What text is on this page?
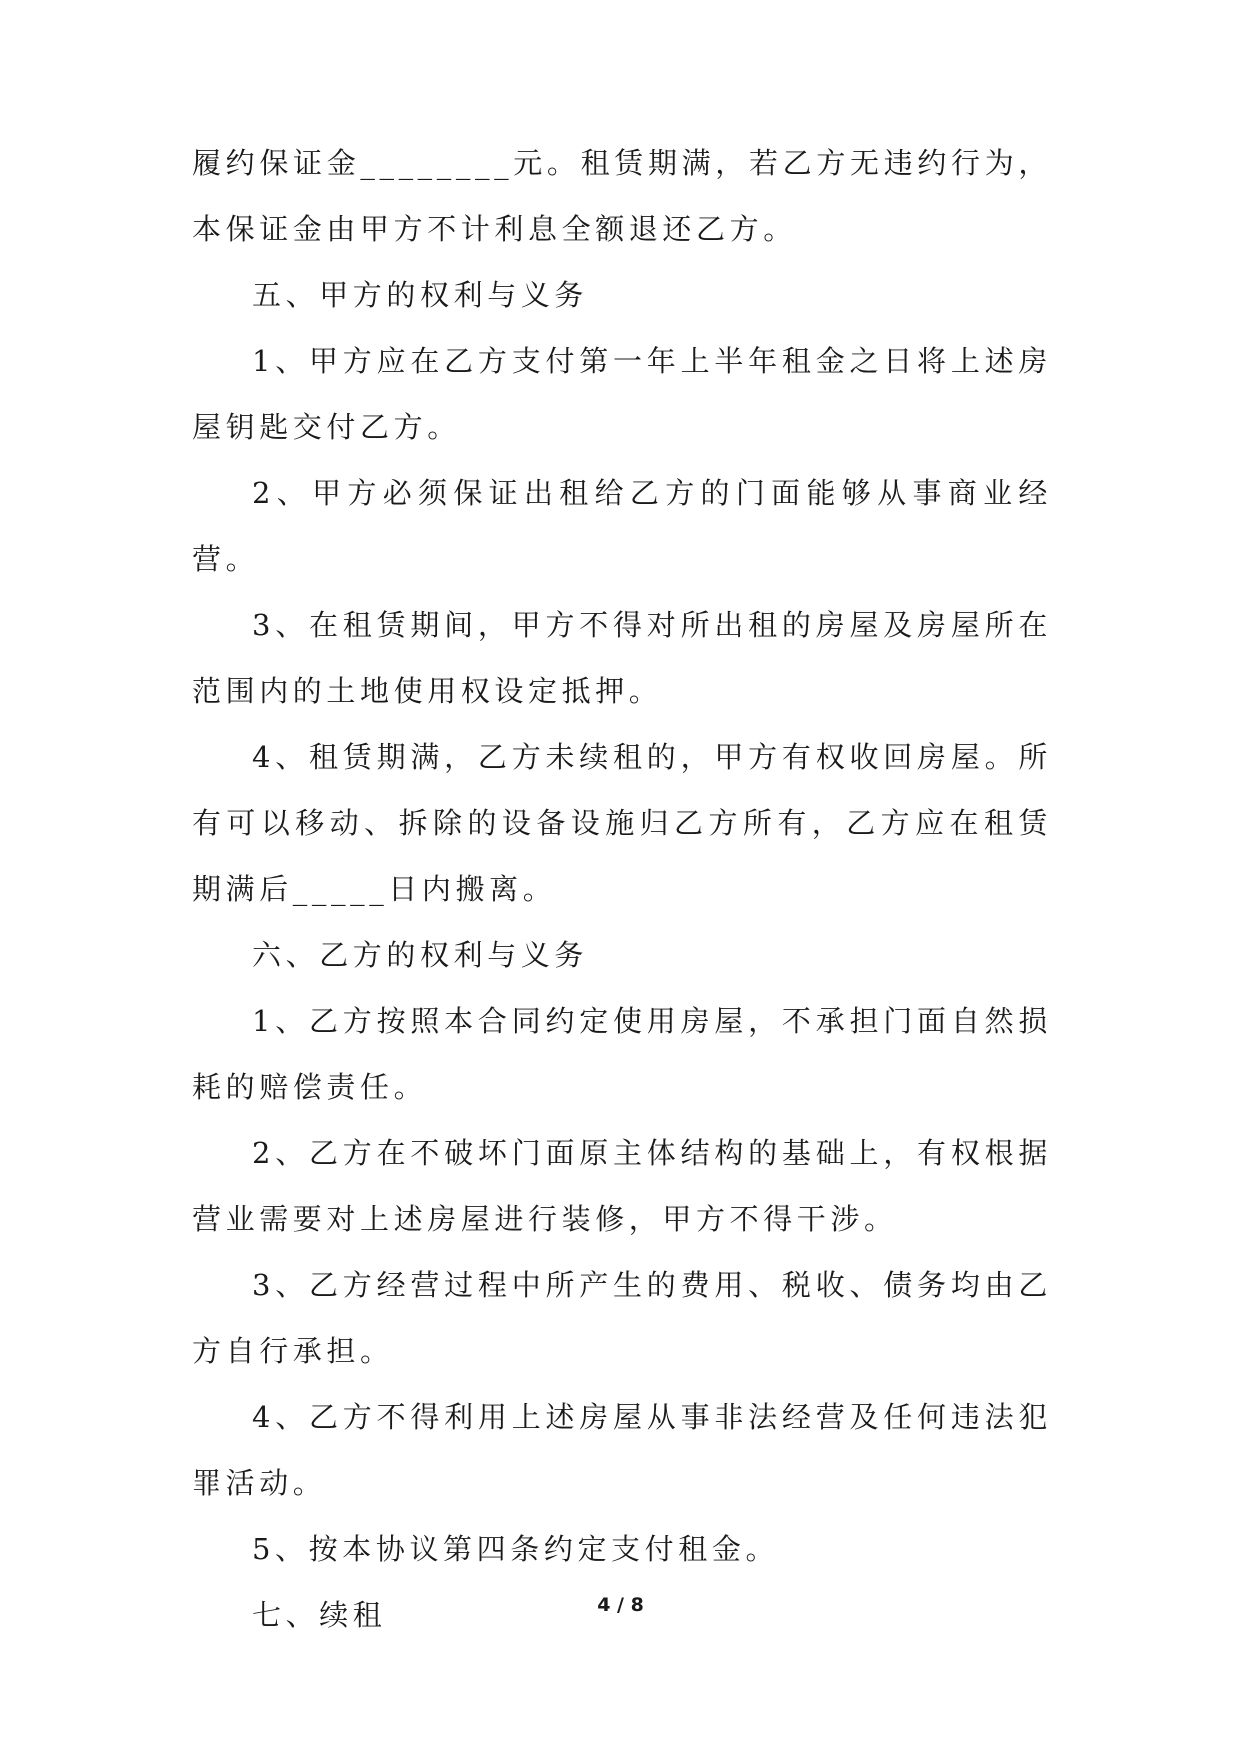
履约保证金________元。租赁期满，若乙方无违约行为，本保证金由甲方不计利息全额退还乙方。

五、甲方的权利与义务

1、甲方应在乙方支付第一年上半年租金之日将上述房屋钥匙交付乙方。

2、甲方必须保证出租给乙方的门面能够从事商业经营。

3、在租赁期间，甲方不得对所出租的房屋及房屋所在范围内的土地使用权设定抵押。

4、租赁期满，乙方未续租的，甲方有权收回房屋。所有可以移动、拆除的设备设施归乙方所有，乙方应在租赁期满后_____日内搬离。

六、乙方的权利与义务

1、乙方按照本合同约定使用房屋，不承担门面自然损耗的赔偿责任。

2、乙方在不破坏门面原主体结构的基础上，有权根据营业需要对上述房屋进行装修，甲方不得干涉。

3、乙方经营过程中所产生的费用、税收、债务均由乙方自行承担。

4、乙方不得利用上述房屋从事非法经营及任何违法犯罪活动。

5、按本协议第四条约定支付租金。

七、续租	4 / 8
